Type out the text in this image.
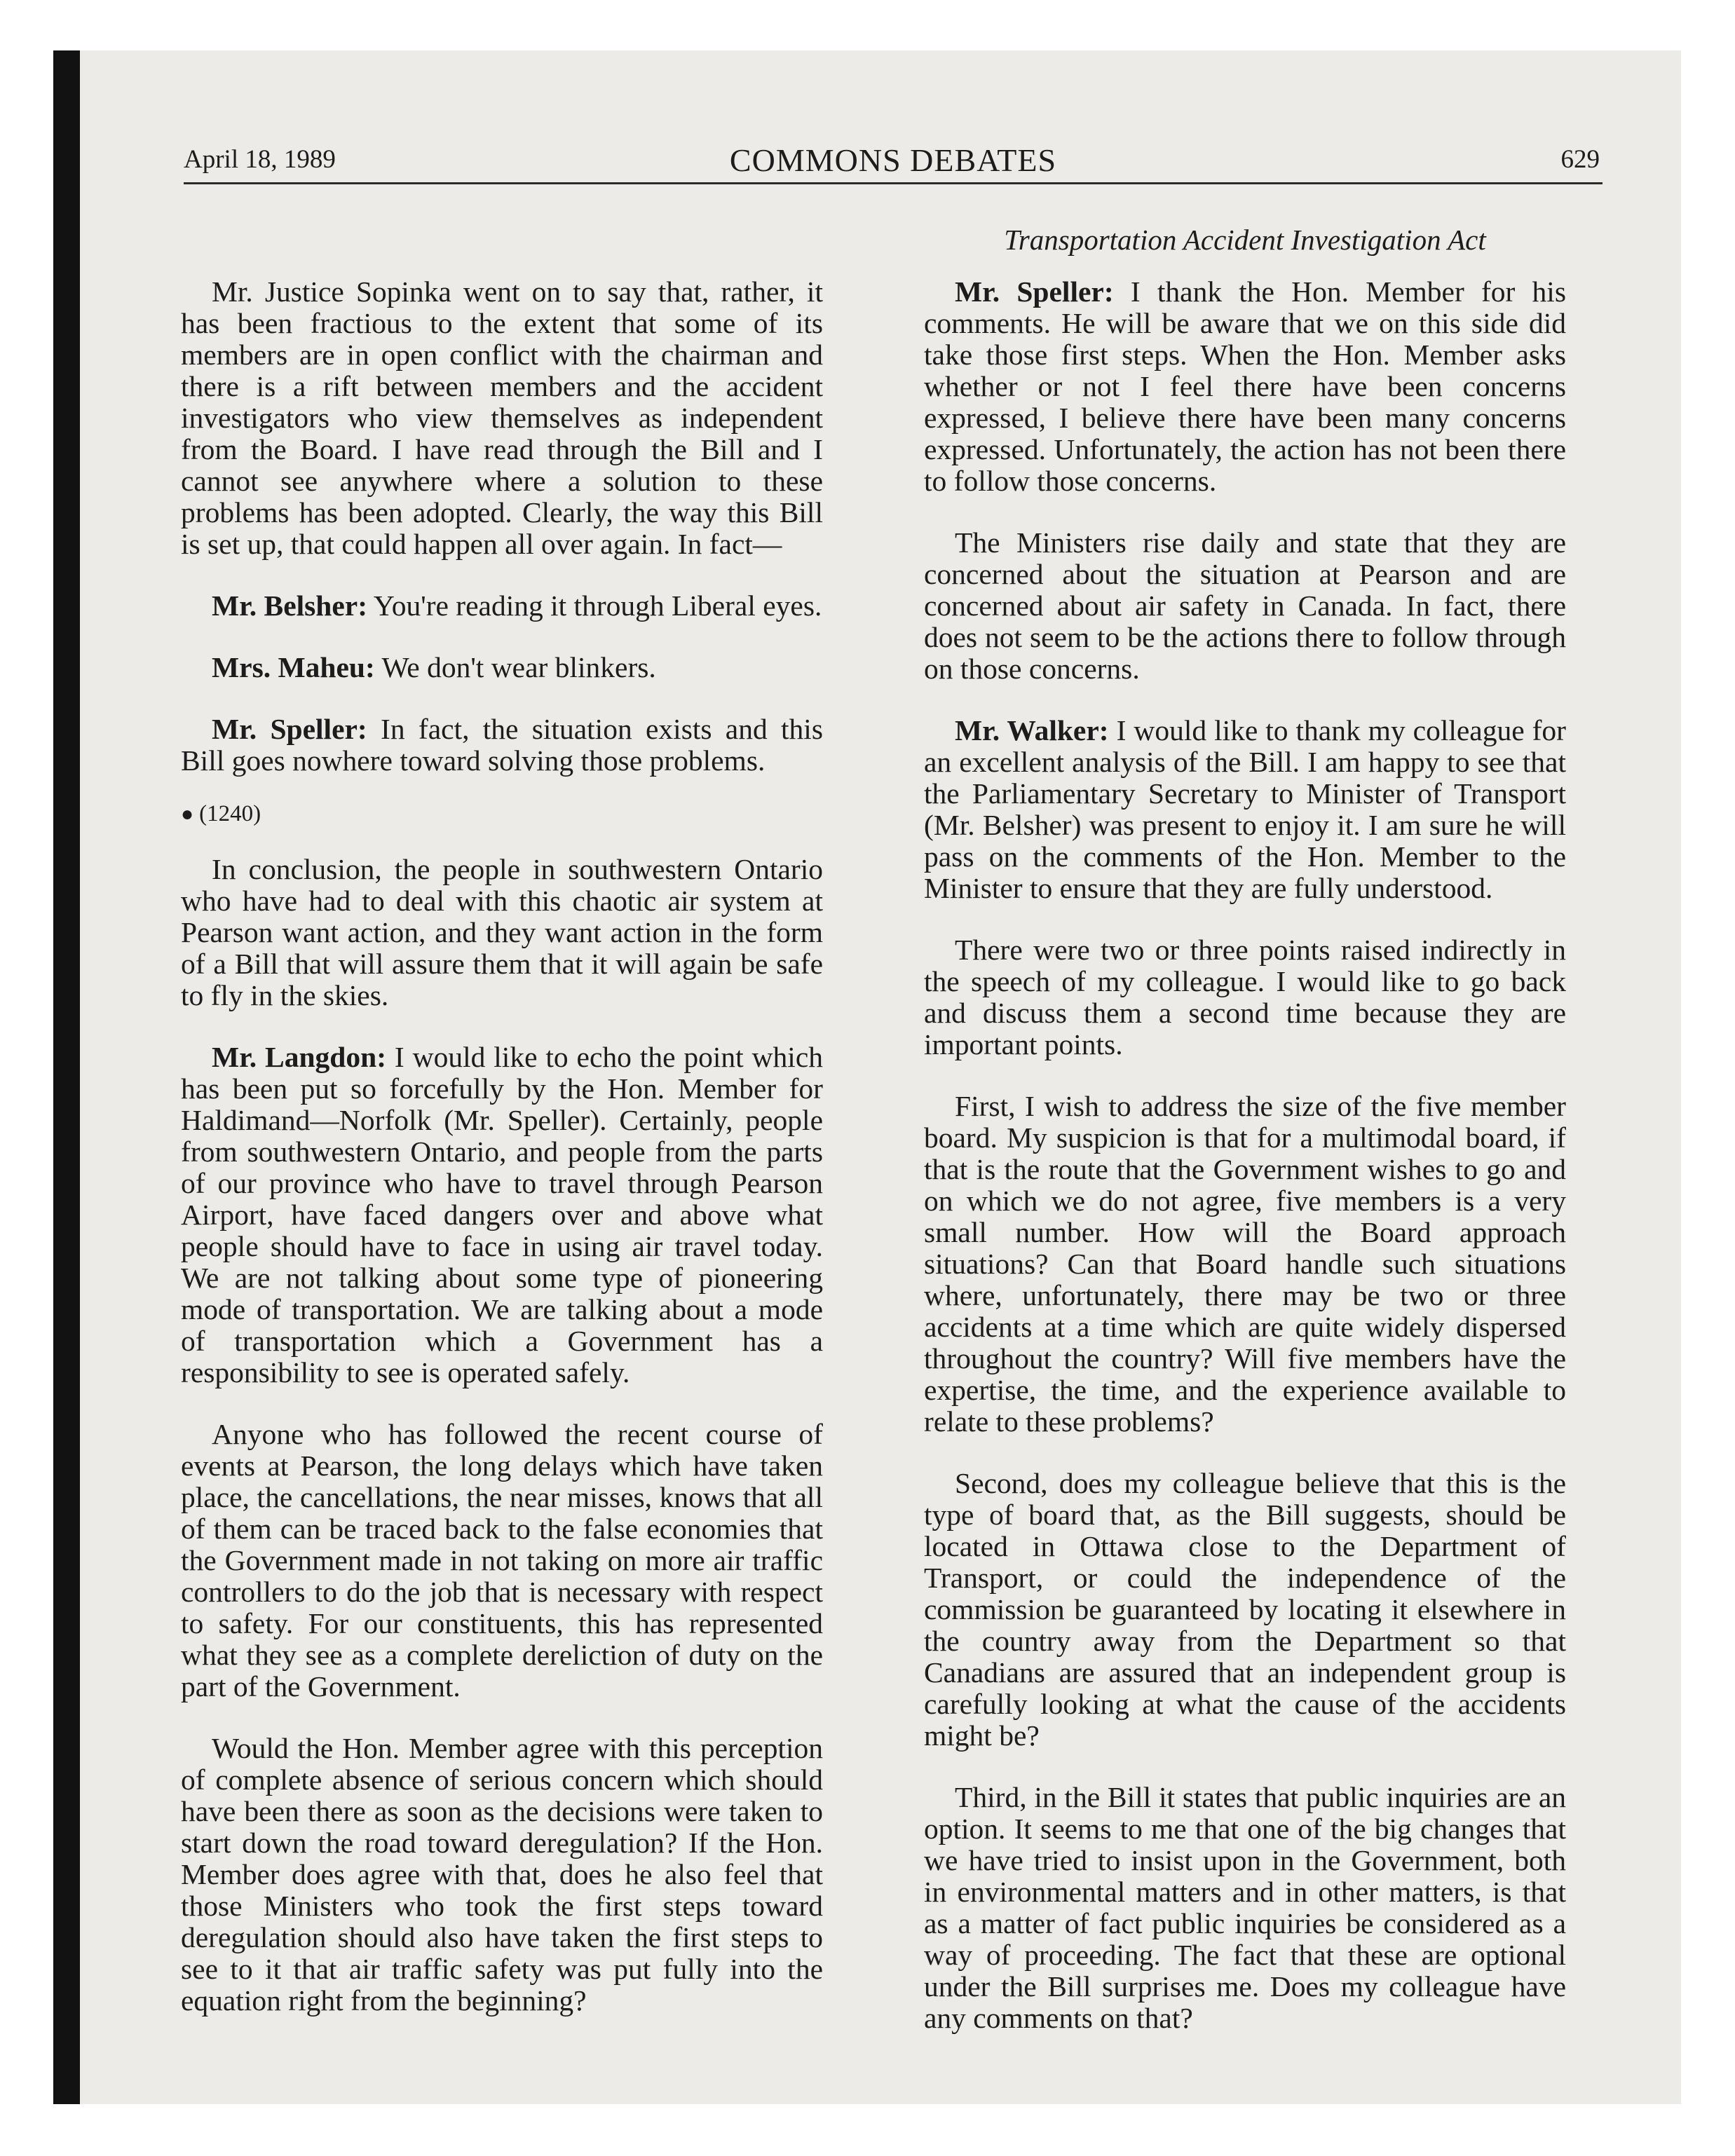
April 18, 1989	COMMONS DEBATES	629
Transportation Accident Investigation Act

Mr. Justice Sopinka went on to say that, rather, it has been fractious to the extent that some of its members are in open conflict with the chairman and there is a rift between members and the accident investigators who view themselves as independent from the Board. I have read through the Bill and I cannot see anywhere where a solution to these problems has been adopted. Clearly, the way this Bill is set up, that could happen all over again. In fact—

Mr. Belsher: You're reading it through Liberal eyes.

Mrs. Maheu: We don't wear blinkers.

Mr. Speller: In fact, the situation exists and this Bill goes nowhere toward solving those problems.

● (1240)

In conclusion, the people in southwestern Ontario who have had to deal with this chaotic air system at Pearson want action, and they want action in the form of a Bill that will assure them that it will again be safe to fly in the skies.

Mr. Langdon: I would like to echo the point which has been put so forcefully by the Hon. Member for Haldimand—Norfolk (Mr. Speller). Certainly, people from southwestern Ontario, and people from the parts of our province who have to travel through Pearson Airport, have faced dangers over and above what people should have to face in using air travel today. We are not talking about some type of pioneering mode of transportation. We are talking about a mode of transportation which a Government has a responsibility to see is operated safely.

Anyone who has followed the recent course of events at Pearson, the long delays which have taken place, the cancellations, the near misses, knows that all of them can be traced back to the false economies that the Government made in not taking on more air traffic controllers to do the job that is necessary with respect to safety. For our constituents, this has represented what they see as a complete dereliction of duty on the part of the Government.

Would the Hon. Member agree with this perception of complete absence of serious concern which should have been there as soon as the decisions were taken to start down the road toward deregulation? If the Hon. Member does agree with that, does he also feel that those Ministers who took the first steps toward deregulation should also have taken the first steps to see to it that air traffic safety was put fully into the equation right from the beginning?

Mr. Speller: I thank the Hon. Member for his comments. He will be aware that we on this side did take those first steps. When the Hon. Member asks whether or not I feel there have been concerns expressed, I believe there have been many concerns expressed. Unfortunately, the action has not been there to follow those concerns.

The Ministers rise daily and state that they are concerned about the situation at Pearson and are concerned about air safety in Canada. In fact, there does not seem to be the actions there to follow through on those concerns.

Mr. Walker: I would like to thank my colleague for an excellent analysis of the Bill. I am happy to see that the Parliamentary Secretary to Minister of Transport (Mr. Belsher) was present to enjoy it. I am sure he will pass on the comments of the Hon. Member to the Minister to ensure that they are fully understood.

There were two or three points raised indirectly in the speech of my colleague. I would like to go back and discuss them a second time because they are important points.

First, I wish to address the size of the five member board. My suspicion is that for a multimodal board, if that is the route that the Government wishes to go and on which we do not agree, five members is a very small number. How will the Board approach situations? Can that Board handle such situations where, unfortunately, there may be two or three accidents at a time which are quite widely dispersed throughout the country? Will five members have the expertise, the time, and the experience available to relate to these problems?

Second, does my colleague believe that this is the type of board that, as the Bill suggests, should be located in Ottawa close to the Department of Transport, or could the independence of the commission be guaranteed by locating it elsewhere in the country away from the Department so that Canadians are assured that an independent group is carefully looking at what the cause of the accidents might be?

Third, in the Bill it states that public inquiries are an option. It seems to me that one of the big changes that we have tried to insist upon in the Government, both in environmental matters and in other matters, is that as a matter of fact public inquiries be considered as a way of proceeding. The fact that these are optional under the Bill surprises me. Does my colleague have any comments on that?
